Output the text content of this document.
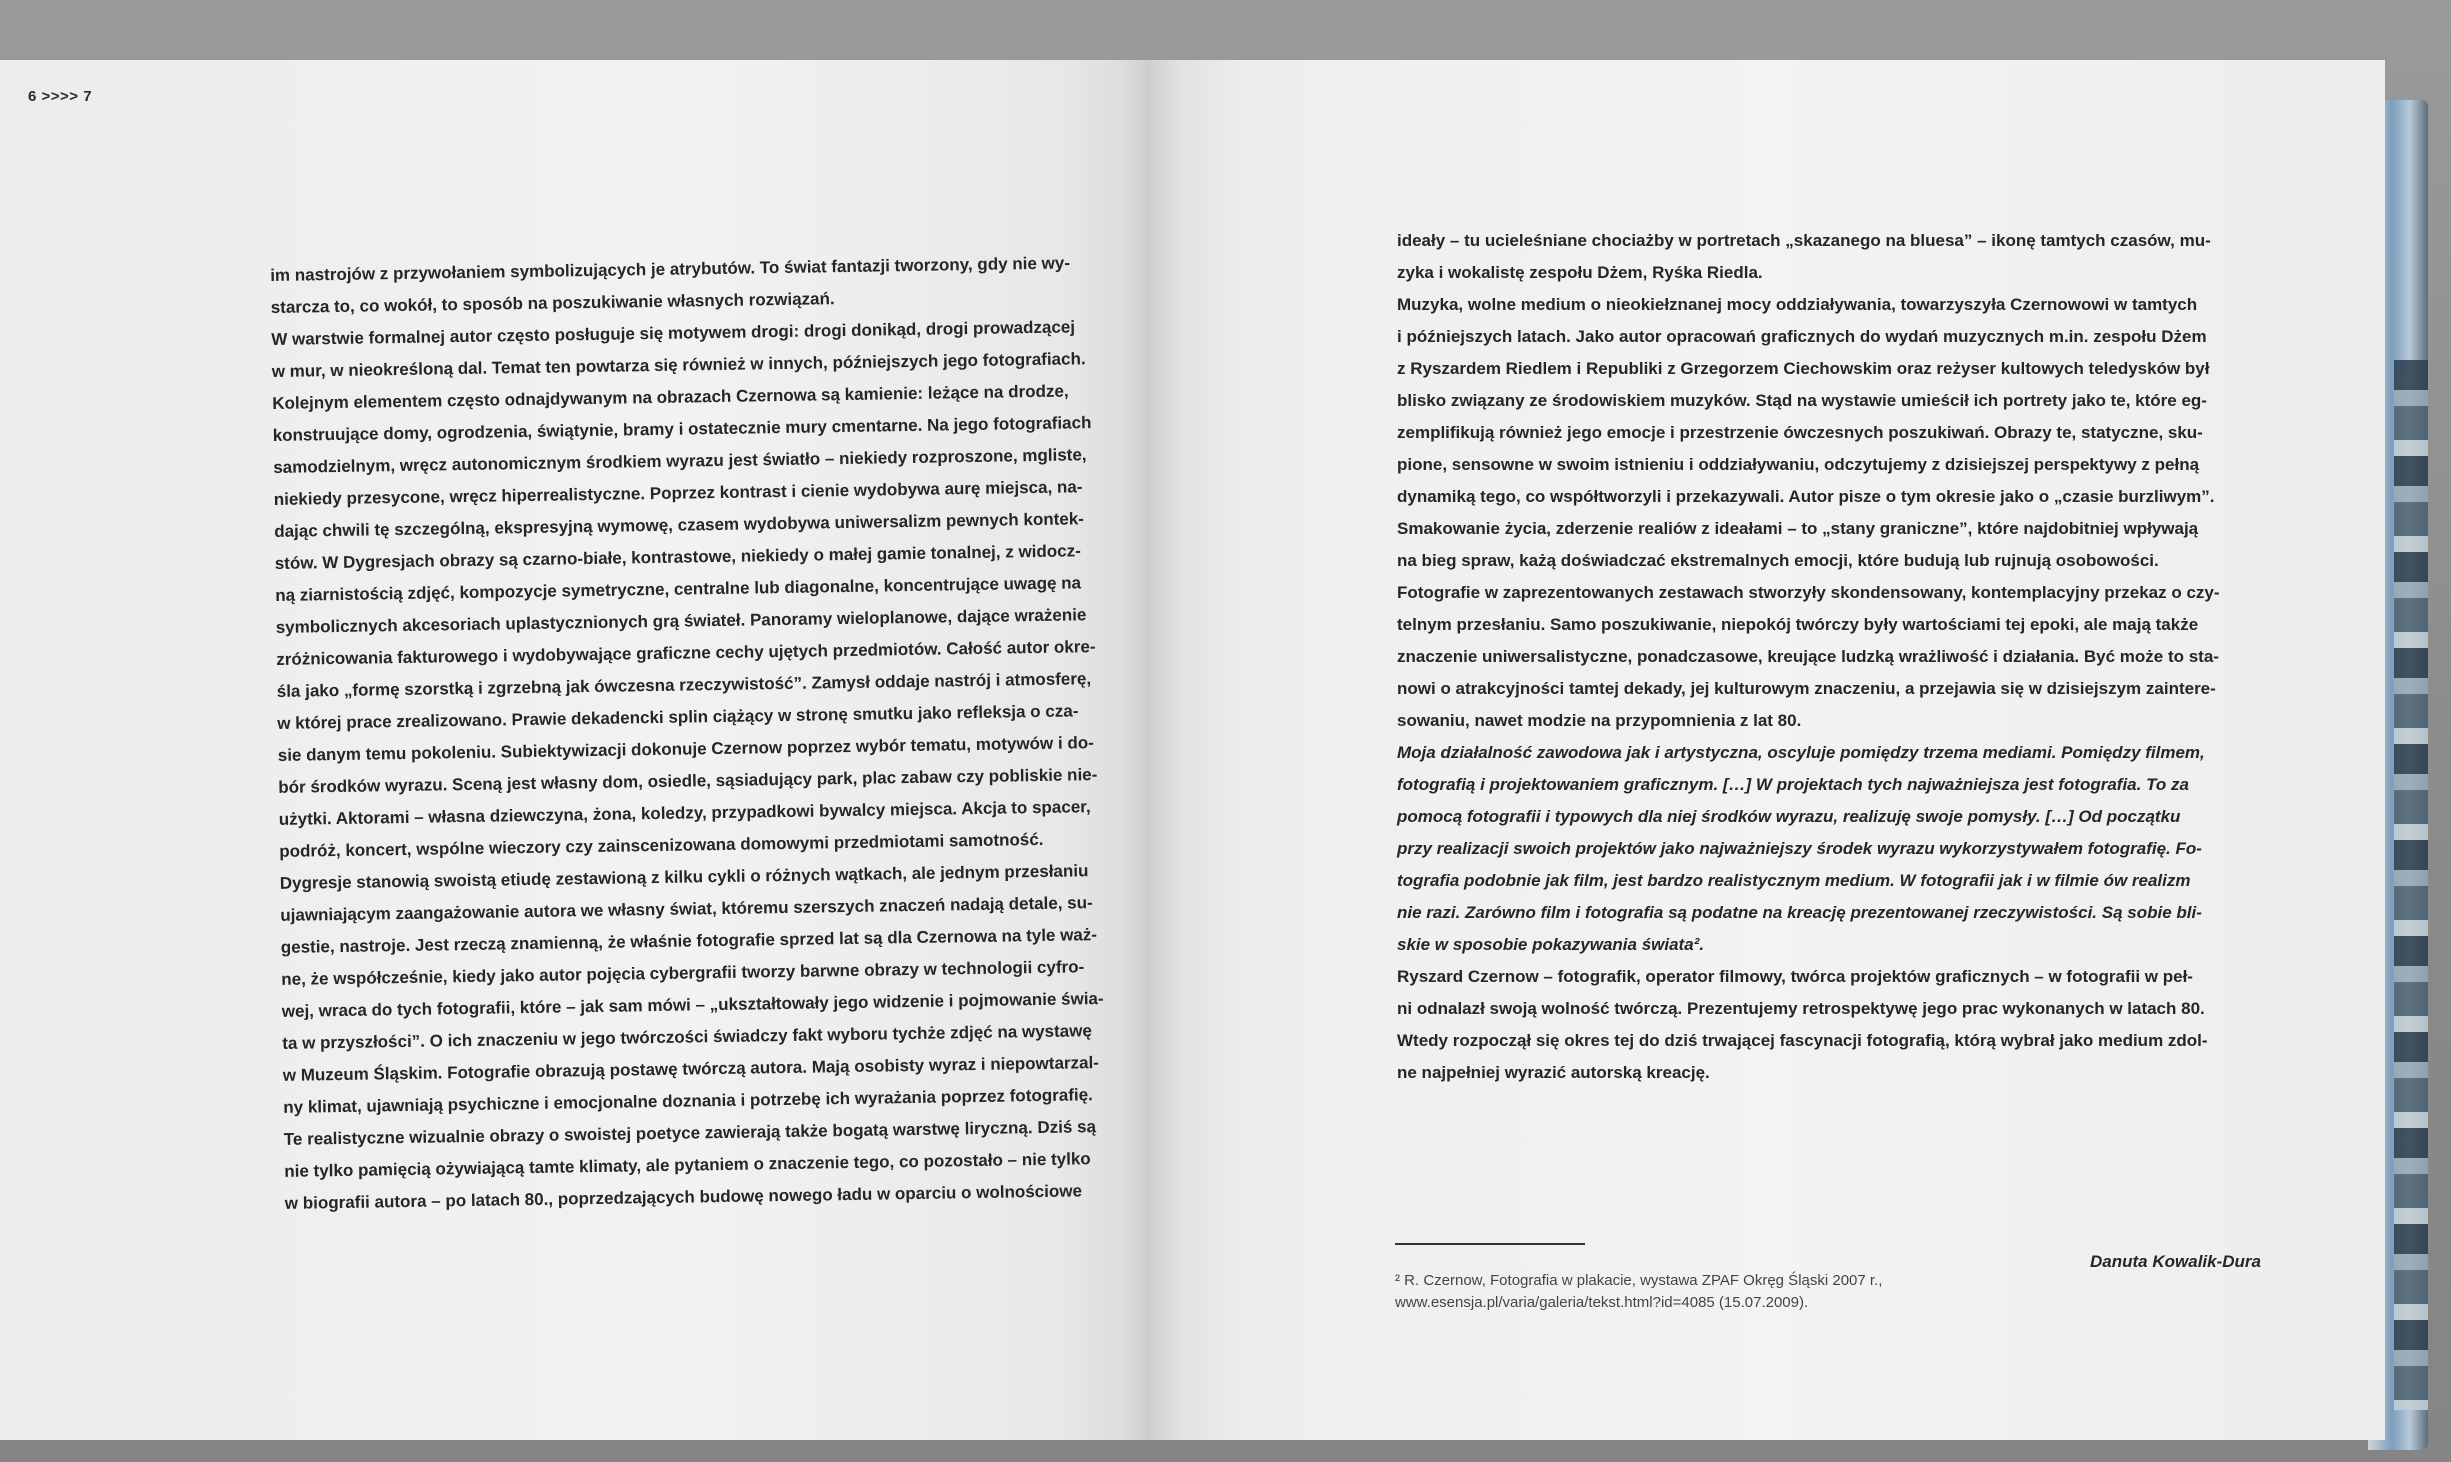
6 >>>> 7
im nastrojów z przywołaniem symbolizujących je atrybutów. To świat fantazji tworzony, gdy nie wy-
starcza to, co wokół, to sposób na poszukiwanie własnych rozwiązań.
W warstwie formalnej autor często posługuje się motywem drogi: drogi donikąd, drogi prowadzącej
w mur, w nieokreśloną dal. Temat ten powtarza się również w innych, późniejszych jego fotografiach.
Kolejnym elementem często odnajdywanym na obrazach Czernowa są kamienie: leżące na drodze,
konstruujące domy, ogrodzenia, świątynie, bramy i ostatecznie mury cmentarne. Na jego fotografiach
samodzielnym, wręcz autonomicznym środkiem wyrazu jest światło – niekiedy rozproszone, mgliste,
niekiedy przesycone, wręcz hiperrealistyczne. Poprzez kontrast i cienie wydobywa aurę miejsca, na-
dając chwili tę szczególną, ekspresyjną wymowę, czasem wydobywa uniwersalizm pewnych kontek-
stów. W Dygresjach obrazy są czarno-białe, kontrastowe, niekiedy o małej gamie tonalnej, z widocz-
ną ziarnistością zdjęć, kompozycje symetryczne, centralne lub diagonalne, koncentrujące uwagę na
symbolicznych akcesoriach uplastycznionych grą świateł. Panoramy wieloplanowe, dające wrażenie
zróżnicowania fakturowego i wydobywające graficzne cechy ujętych przedmiotów. Całość autor okre-
śla jako „formę szorstką i zgrzebną jak ówczesna rzeczywistość”. Zamysł oddaje nastrój i atmosferę,
w której prace zrealizowano. Prawie dekadencki splin ciążący w stronę smutku jako refleksja o cza-
sie danym temu pokoleniu. Subiektywizacji dokonuje Czernow poprzez wybór tematu, motywów i do-
bór środków wyrazu. Sceną jest własny dom, osiedle, sąsiadujący park, plac zabaw czy pobliskie nie-
użytki. Aktorami – własna dziewczyna, żona, koledzy, przypadkowi bywalcy miejsca. Akcja to spacer,
podróż, koncert, wspólne wieczory czy zainscenizowana domowymi przedmiotami samotność.
Dygresje stanowią swoistą etiudę zestawioną z kilku cykli o różnych wątkach, ale jednym przesłaniu
ujawniającym zaangażowanie autora we własny świat, któremu szerszych znaczeń nadają detale, su-
gestie, nastroje. Jest rzeczą znamienną, że właśnie fotografie sprzed lat są dla Czernowa na tyle waż-
ne, że współcześnie, kiedy jako autor pojęcia cybergrafii tworzy barwne obrazy w technologii cyfro-
wej, wraca do tych fotografii, które – jak sam mówi – „ukształtowały jego widzenie i pojmowanie świa-
ta w przyszłości”. O ich znaczeniu w jego twórczości świadczy fakt wyboru tychże zdjęć na wystawę
w Muzeum Śląskim. Fotografie obrazują postawę twórczą autora. Mają osobisty wyraz i niepowtarzal-
ny klimat, ujawniają psychiczne i emocjonalne doznania i potrzebę ich wyrażania poprzez fotografię.
Te realistyczne wizualnie obrazy o swoistej poetyce zawierają także bogatą warstwę liryczną. Dziś są
nie tylko pamięcią ożywiającą tamte klimaty, ale pytaniem o znaczenie tego, co pozostało – nie tylko
w biografii autora – po latach 80., poprzedzających budowę nowego ładu w oparciu o wolnościowe
ideały – tu ucieleśniane chociażby w portretach „skazanego na bluesa” – ikonę tamtych czasów, mu-
zyka i wokalistę zespołu Dżem, Ryśka Riedla.
Muzyka, wolne medium o nieokiełznanej mocy oddziaływania, towarzyszyła Czernowowi w tamtych
i późniejszych latach. Jako autor opracowań graficznych do wydań muzycznych m.in. zespołu Dżem
z Ryszardem Riedlem i Republiki z Grzegorzem Ciechowskim oraz reżyser kultowych teledysków był
blisko związany ze środowiskiem muzyków. Stąd na wystawie umieścił ich portrety jako te, które eg-
zemplifikują również jego emocje i przestrzenie ówczesnych poszukiwań. Obrazy te, statyczne, sku-
pione, sensowne w swoim istnieniu i oddziaływaniu, odczytujemy z dzisiejszej perspektywy z pełną
dynamiką tego, co współtworzyli i przekazywali. Autor pisze o tym okresie jako o „czasie burzliwym”.
Smakowanie życia, zderzenie realiów z ideałami – to „stany graniczne”, które najdobitniej wpływają
na bieg spraw, każą doświadczać ekstremalnych emocji, które budują lub rujnują osobowości.
Fotografie w zaprezentowanych zestawach stworzyły skondensowany, kontemplacyjny przekaz o czy-
telnym przesłaniu. Samo poszukiwanie, niepokój twórczy były wartościami tej epoki, ale mają także
znaczenie uniwersalistyczne, ponadczasowe, kreujące ludzką wrażliwość i działania. Być może to sta-
nowi o atrakcyjności tamtej dekady, jej kulturowym znaczeniu, a przejawia się w dzisiejszym zaintere-
sowaniu, nawet modzie na przypomnienia z lat 80.
Moja działalność zawodowa jak i artystyczna, oscyluje pomiędzy trzema mediami. Pomiędzy filmem,
fotografią i projektowaniem graficznym. […] W projektach tych najważniejsza jest fotografia. To za
pomocą fotografii i typowych dla niej środków wyrazu, realizuję swoje pomysły. […] Od początku
przy realizacji swoich projektów jako najważniejszy środek wyrazu wykorzystywałem fotografię. Fo-
tografia podobnie jak film, jest bardzo realistycznym medium. W fotografii jak i w filmie ów realizm
nie razi. Zarówno film i fotografia są podatne na kreację prezentowanej rzeczywistości. Są sobie bli-
skie w sposobie pokazywania świata².
Ryszard Czernow – fotografik, operator filmowy, twórca projektów graficznych – w fotografii w peł-
ni odnalazł swoją wolność twórczą. Prezentujemy retrospektywę jego prac wykonanych w latach 80.
Wtedy rozpoczął się okres tej do dziś trwającej fascynacji fotografią, którą wybrał jako medium zdol-
ne najpełniej wyrazić autorską kreację.
Danuta Kowalik-Dura
² R. Czernow, Fotografia w plakacie, wystawa ZPAF Okręg Śląski 2007 r.,
www.esensja.pl/varia/galeria/tekst.html?id=4085 (15.07.2009).
